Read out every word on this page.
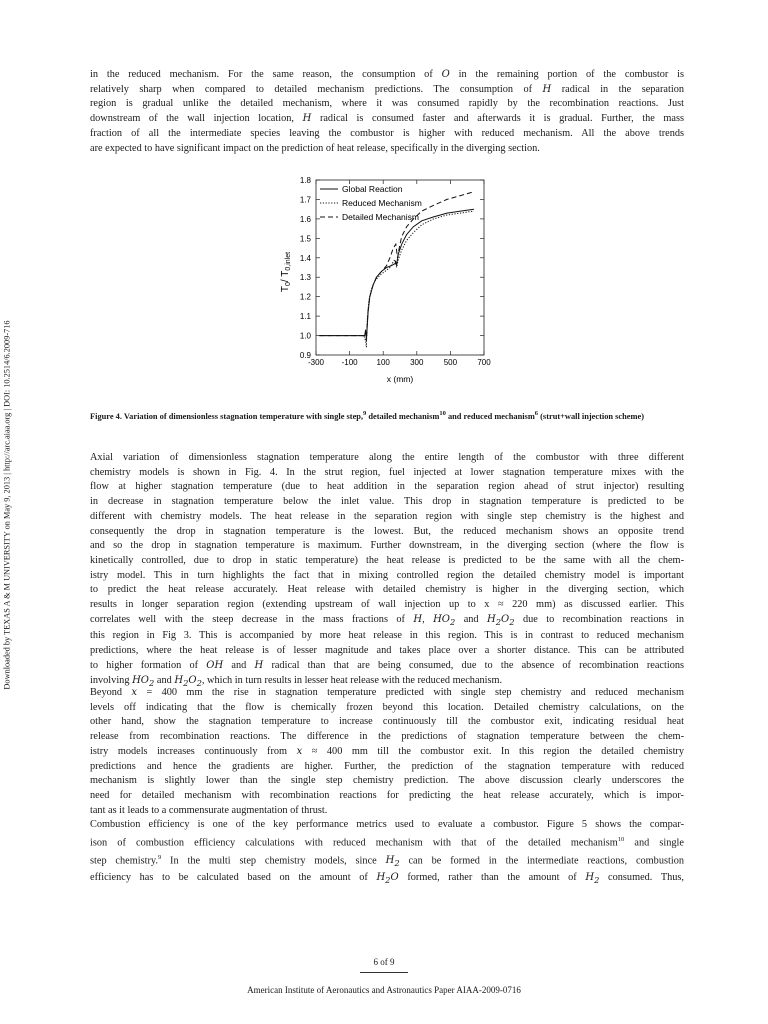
Downloaded by TEXAS A & M UNIVERSITY on May 9, 2013 | http://arc.aiaa.org | DOI: 10.2514/6.2009-716
in the reduced mechanism. For the same reason, the consumption of O in the remaining portion of the combustor is
relatively sharp when compared to detailed mechanism predictions. The consumption of H radical in the separation
region is gradual unlike the detailed mechanism, where it was consumed rapidly by the recombination reactions. Just
downstream of the wall injection location, H radical is consumed faster and afterwards it is gradual. Further, the mass
fraction of all the intermediate species leaving the combustor is higher with reduced mechanism. All the above trends
are expected to have significant impact on the prediction of heat release, specifically in the diverging section.
0.9
1.0
1.1
1.2
1.3
1.4
1.5
1.6
1.7
1.8
-300 -100 100	300	500	700
Global Reaction
Reduced Mechanism
Detailed Mechanism
x (mm)
$T_0/$ $T_{0,inlet}$
Figure 4. Variation of dimensionless stagnation temperature with single step,$^9$ detailed mechanism$^{10}$ and reduced mechanism$^6$ (strut+wall injection scheme)
Axial variation of dimensionless stagnation temperature along the entire length of the combustor with three different
chemistry models is shown in Fig. 4. In the strut region, fuel injected at lower stagnation temperature mixes with the
flow at higher stagnation temperature (due to heat addition in the separation region ahead of strut injector) resulting
in decrease in stagnation temperature below the inlet value. This drop in stagnation temperature is predicted to be
different with chemistry models. The heat release in the separation region with single step chemistry is the highest and
consequently the drop in stagnation temperature is the lowest. But, the reduced mechanism shows an opposite trend
and so the drop in stagnation temperature is maximum. Further downstream, in the diverging section (where the flow is
kinetically controlled, due to drop in static temperature) the heat release is predicted to be the same with all the chem-
istry model. This in turn highlights the fact that in mixing controlled region the detailed chemistry model is important
to predict the heat release accurately. Heat release with detailed chemistry is higher in the diverging section, which
results in longer separation region (extending upstream of wall injection up to x ≈ 220 mm) as discussed earlier. This
correlates well with the steep decrease in the mass fractions of H, $HO_2$ and $H_2O_2$ due to recombination reactions in
this region in Fig 3. This is accompanied by more heat release in this region. This is in contrast to reduced mechanism
predictions, where the heat release is of lesser magnitude and takes place over a shorter distance. This can be attributed
to higher formation of OH and H radical than that are being consumed, due to the absence of recombination reactions
involving $HO_2$ and $H_2O_2$, which in turn results in lesser heat release with the reduced mechanism.
Beyond x = 400 mm the rise in stagnation temperature predicted with single step chemistry and reduced mechanism
levels off indicating that the flow is chemically frozen beyond this location. Detailed chemistry calculations, on the
other hand, show the stagnation temperature to increase continuously till the combustor exit, indicating residual heat
release from recombination reactions. The difference in the predictions of stagnation temperature between the chem-
istry models increases continuously from x ≈ 400 mm till the combustor exit. In this region the detailed chemistry
predictions and hence the gradients are higher. Further, the prediction of the stagnation temperature with reduced
mechanism is slightly lower than the single step chemistry prediction. The above discussion clearly underscores the
need for detailed mechanism with recombination reactions for predicting the heat release accurately, which is impor-
tant as it leads to a commensurate augmentation of thrust.
Combustion efficiency is one of the key performance metrics used to evaluate a combustor. Figure 5 shows the compar-
ison of combustion efficiency calculations with reduced mechanism with that of the detailed mechanism$^{10}$ and single
step chemistry.$^9$ In the multi step chemistry models, since $H_2$ can be formed in the intermediate reactions, combustion
efficiency has to be calculated based on the amount of $H_2O$ formed, rather than the amount of $H_2$ consumed. Thus,
6 of 9
American Institute of Aeronautics and Astronautics Paper AIAA-2009-0716
